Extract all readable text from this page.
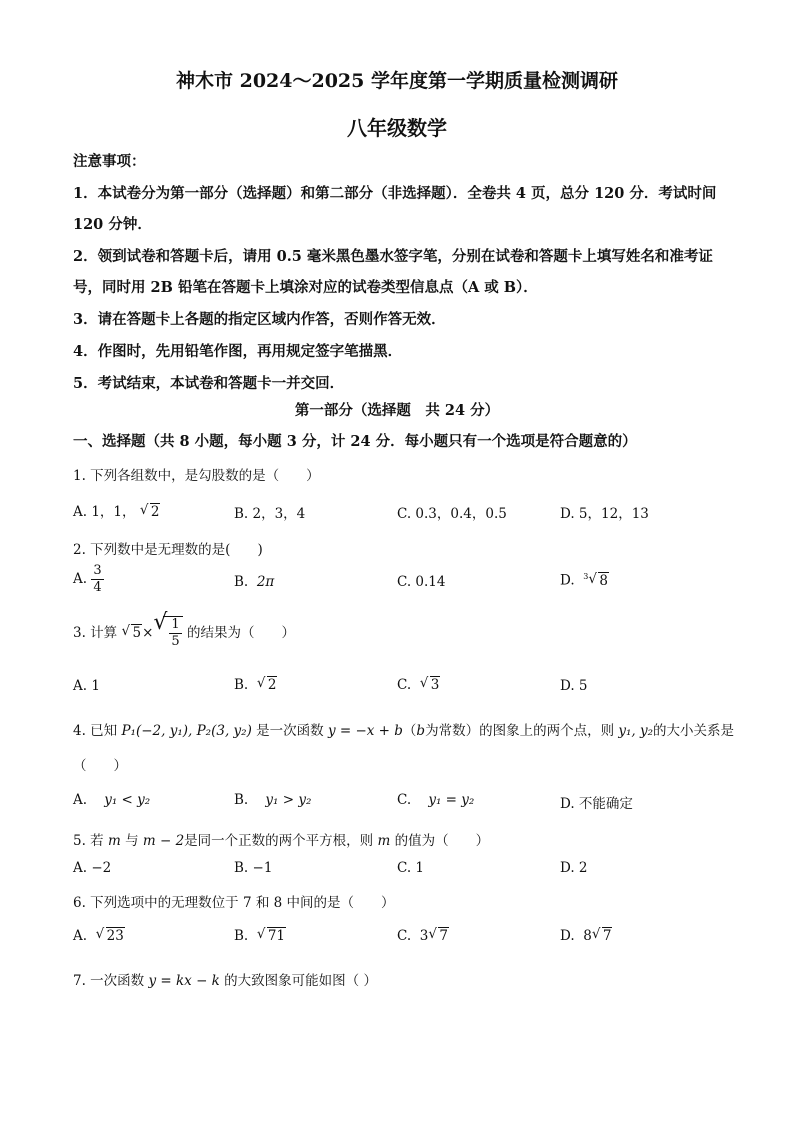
神木市 2024～2025 学年度第一学期质量检测调研
八年级数学
注意事项：
1．本试卷分为第一部分（选择题）和第二部分（非选择题）．全卷共 4 页，总分 120 分．考试时间 120 分钟．
2．领到试卷和答题卡后，请用 0.5 毫米黑色墨水签字笔，分别在试卷和答题卡上填写姓名和准考证号，同时用 2B 铅笔在答题卡上填涂对应的试卷类型信息点（A 或 B）．
3．请在答题卡上各题的指定区域内作答，否则作答无效．
4．作图时，先用铅笔作图，再用规定签字笔描黑．
5．考试结束，本试卷和答题卡一并交回．
第一部分（选择题　共 24 分）
一、选择题（共 8 小题，每小题 3 分，计 24 分．每小题只有一个选项是符合题意的）
1. 下列各组数中，是勾股数的是（　　）
A. 1，1， √ 2	B. 2，3，4	C. 0.3，0.4，0.5	D. 5，12，13
2. 下列数中是无理数的是(　　)
A. $\frac{3}{4}$	B. 2π	C. 0.14	D. $^3$ √ 8
3. 计算 √ 5× √ $\frac{1}{5}$ 的结果为（　　）
A. 1	B. √ 2	C. √ 3	D. 5
4. 已知 P₁(−2, y₁), P₂(3, y₂) 是一次函数 y = −x + b（b为常数）的图象上的两个点，则 y₁, y₂的大小关系是
（　　）
A. y₁ < y₂	B. y₁ > y₂	C. y₁ = y₂	D. 不能确定
5. 若 m 与 m − 2是同一个正数的两个平方根，则 m 的值为（　　）
A. −2	B. −1	C. 1	D. 2
6. 下列选项中的无理数位于 7 和 8 中间的是（　　）
A. √ 23	B. √ 71	C. 3 √ 7	D. 8 √ 7
7. 一次函数 y = kx − k 的大致图象可能如图（ ）
